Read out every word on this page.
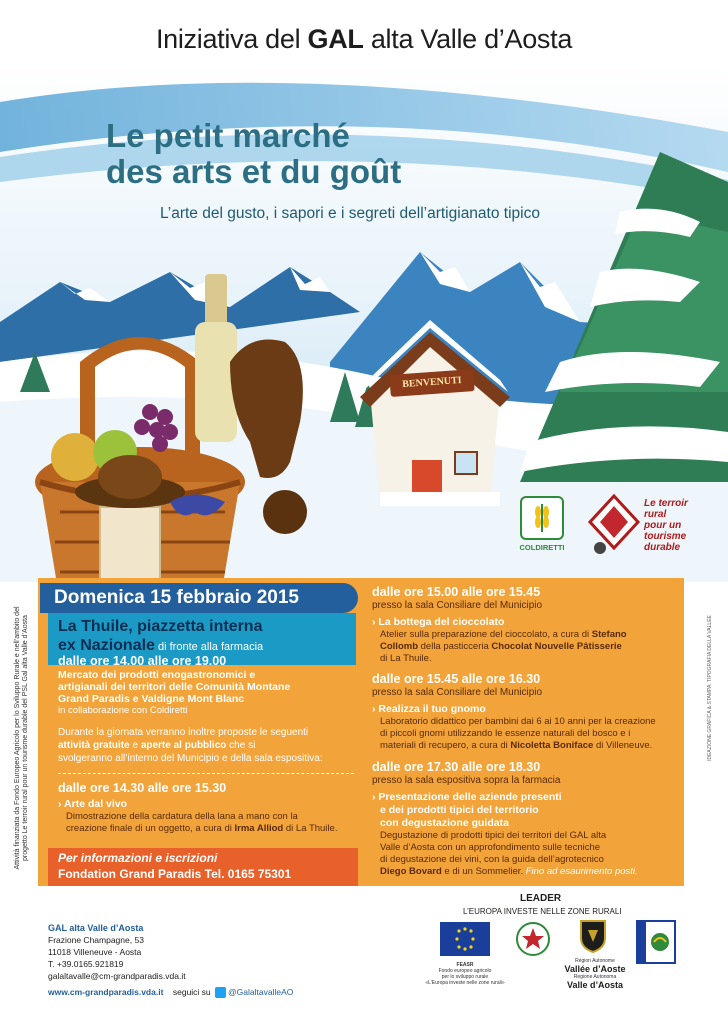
Iniziativa del GAL alta Valle d’Aosta
Le petit marché
des arts et du goût
L’arte del gusto, i sapori e i segreti dell’artigianato tipico
BENVENUTI
COLDIRETTI
Le terroir
rural
pour un
tourisme
durable
Domenica 15 febbraio 2015
La Thuile, piazzetta interna
ex Nazionale di fronte alla farmacia
dalle ore 14.00 alle ore 19.00
Mercato dei prodotti enogastronomici e
artigianali dei territori delle Comunità Montane
Grand Paradis e Valdigne Mont Blanc
in collaborazione con Coldiretti
Durante la giornata verranno inoltre proposte le seguenti
attività gratuite e aperte al pubblico che si
svolgeranno all’interno del Municipio e della sala espositiva:
dalle ore 14.30 alle ore 15.30
› Arte dal vivo
Dimostrazione della cardatura della lana a mano con la
creazione finale di un oggetto, a cura di Irma Alliod di La Thuile.
Per informazioni e iscrizioni
Fondation Grand Paradis Tel. 0165 75301
dalle ore 15.00 alle ore 15.45
presso la sala Consiliare del Municipio
› La bottega del cioccolato
Atelier sulla preparazione del cioccolato, a cura di Stefano
Collomb della pasticceria Chocolat Nouvelle Pâtisserie
di La Thuile.
dalle ore 15.45 alle ore 16.30
presso la sala Consiliare del Municipio
› Realizza il tuo gnomo
Laboratorio didattico per bambini dai 6 ai 10 anni per la creazione
di piccoli gnomi utilizzando le essenze naturali del bosco e i
materiali di recupero, a cura di Nicoletta Boniface di Villeneuve.
dalle ore 17.30 alle ore 18.30
presso la sala espositiva sopra la farmacia
› Presentazione delle aziende presenti
e dei prodotti tipici del territorio
con degustazione guidata
Degustazione di prodotti tipici dei territori del GAL alta
Valle d’Aosta con un approfondimento sulle tecniche
di degustazione dei vini, con la guida dell’agrotecnico
Diego Bovard e di un Sommelier. Fino ad esaurimento posti.
Attività finanziata da Fondo Europeo Agricolo per lo Sviluppo Rurale e nell’ambito del progetto Le terroir rural pour un tourisme durable del PSL Gal alta Valle d’Aosta	IDEAZIONE GRAFICA & STAMPA: TIPOGRAFIA DELLA VALLÉE
GAL alta Valle d’Aosta
Frazione Champagne, 53
11018 Villeneuve - Aosta
T. +39.0165.921819
galaltavalle@cm-grandparadis.vda.it
www.cm-grandparadis.vda.it seguici su @GalaltavalleAO
LEADER
L’EUROPA INVESTE NELLE ZONE RURALI
FEASR
Fondo europeo agricolo
per lo sviluppo rurale
«L’Europa investe nelle zone rurali»
Région Autonome
Vallée d’Aoste
Regione Autonoma
Valle d’Aosta
